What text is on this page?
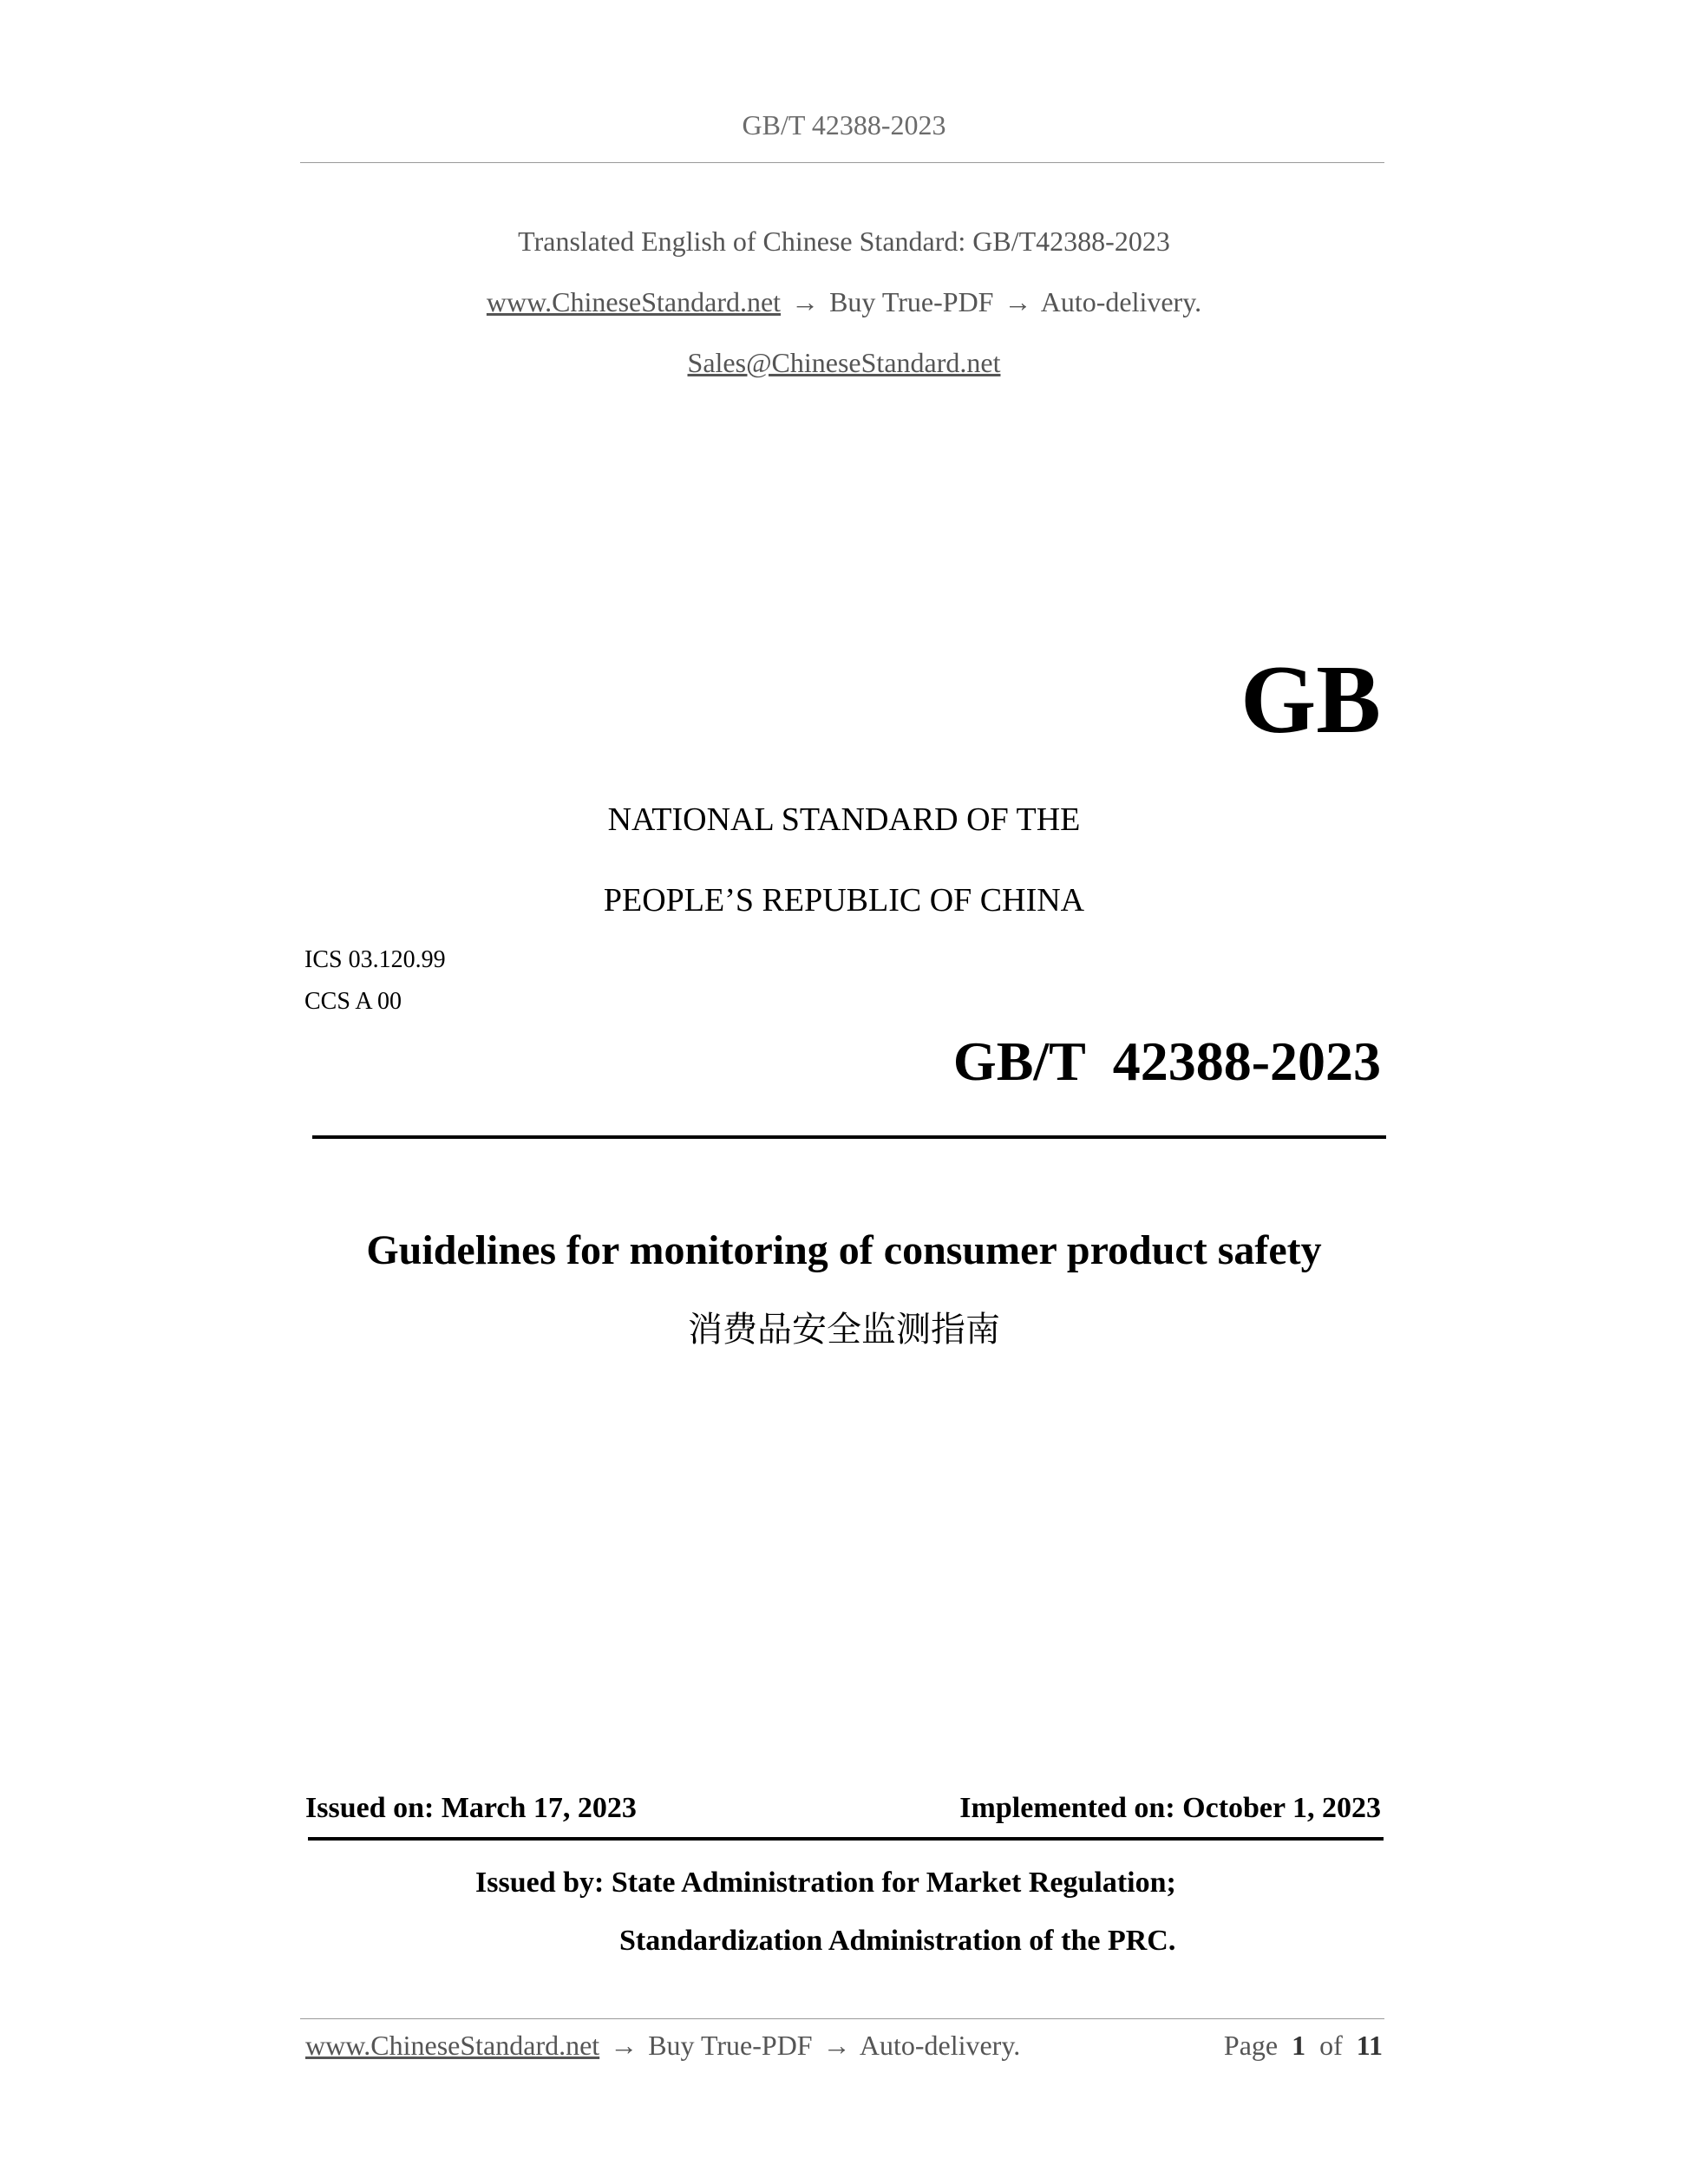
GB/T 42388-2023
Translated English of Chinese Standard: GB/T42388-2023
www.ChineseStandard.net → Buy True-PDF → Auto-delivery.
Sales@ChineseStandard.net
GB
NATIONAL STANDARD OF THE
PEOPLE’S REPUBLIC OF CHINA
ICS 03.120.99
CCS A 00
GB/T  42388-2023
Guidelines for monitoring of consumer product safety
消费品安全监测指南
Issued on: March 17, 2023	Implemented on: October 1, 2023
Issued by: State Administration for Market Regulation;
Standardization Administration of the PRC.
www.ChineseStandard.net → Buy True-PDF → Auto-delivery.	Page 1 of 11
